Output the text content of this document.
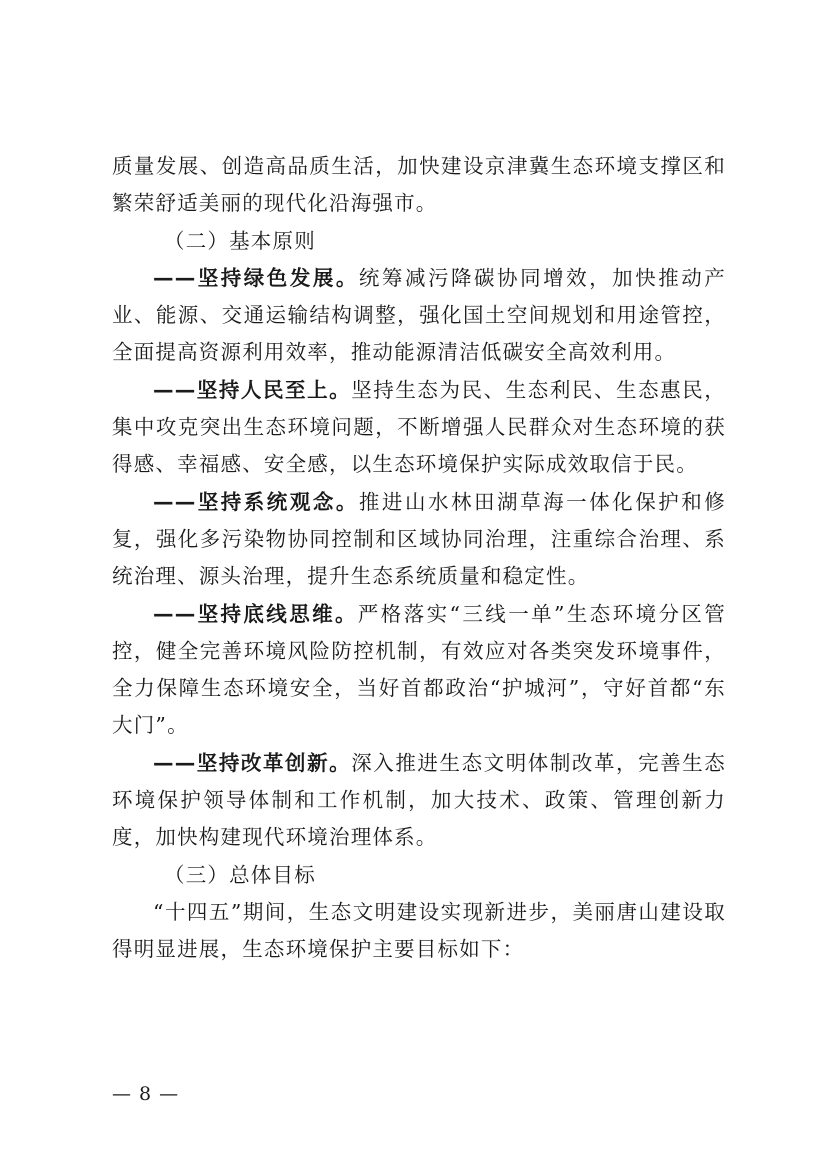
质量发展、创造高品质生活，加快建设京津冀生态环境支撑区和繁荣舒适美丽的现代化沿海强市。

（二）基本原则

——坚持绿色发展。统筹减污降碳协同增效，加快推动产业、能源、交通运输结构调整，强化国土空间规划和用途管控，全面提高资源利用效率，推动能源清洁低碳安全高效利用。

——坚持人民至上。坚持生态为民、生态利民、生态惠民，集中攻克突出生态环境问题，不断增强人民群众对生态环境的获得感、幸福感、安全感，以生态环境保护实际成效取信于民。

——坚持系统观念。推进山水林田湖草海一体化保护和修复，强化多污染物协同控制和区域协同治理，注重综合治理、系统治理、源头治理，提升生态系统质量和稳定性。

——坚持底线思维。严格落实“三线一单”生态环境分区管控，健全完善环境风险防控机制，有效应对各类突发环境事件，全力保障生态环境安全，当好首都政治“护城河”，守好首都“东大门”。

——坚持改革创新。深入推进生态文明体制改革，完善生态环境保护领导体制和工作机制，加大技术、政策、管理创新力度，加快构建现代环境治理体系。

（三）总体目标

“十四五”期间，生态文明建设实现新进步，美丽唐山建设取得明显进展，生态环境保护主要目标如下：

— 8 —
